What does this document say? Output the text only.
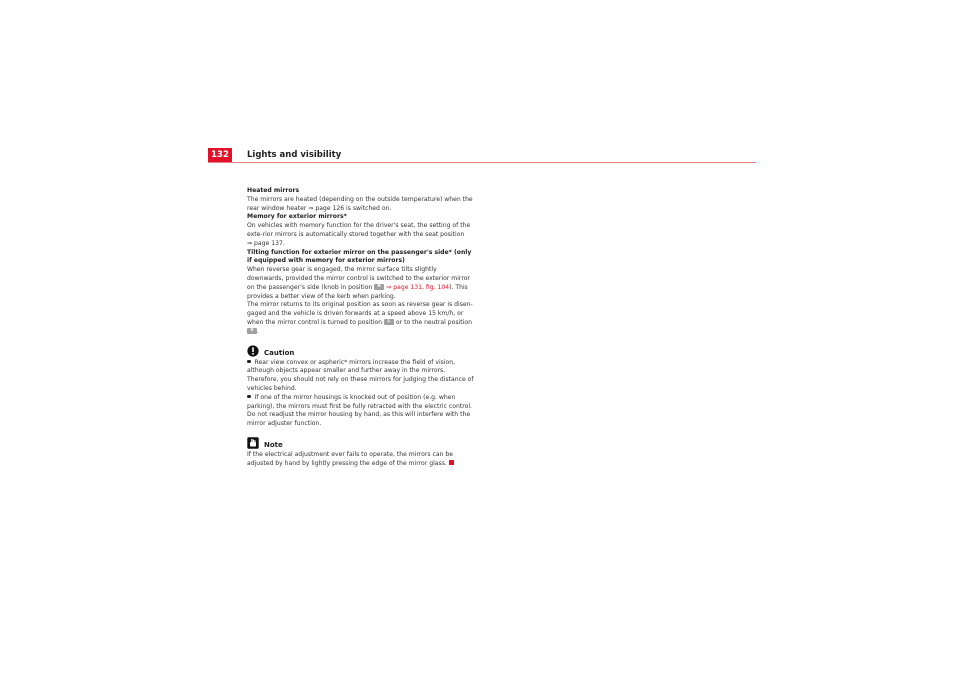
132	Lights and visibility

Heated mirrors

The mirrors are heated (depending on the outside temperature) when the rear window heater ⇒ page 126 is switched on.

Memory for exterior mirrors*

On vehicles with memory function for the driver's seat, the setting of the exte-rior mirrors is automatically stored together with the seat position
⇒ page 137.

Tilting function for exterior mirror on the passenger's side* (only if equipped with memory for exterior mirrors)

When reverse gear is engaged, the mirror surface tilts slightly downwards, provided the mirror control is switched to the exterior mirror on the passenger's side (knob in position R ⇒ page 131, fig. 104). This provides a better view of the kerb when parking.

The mirror returns to its original position as soon as reverse gear is disen-gaged and the vehicle is driven forwards at a speed above 15 km/h, or when the mirror control is turned to position L or to the neutral position 0 .

Caution

Rear view convex or aspheric* mirrors increase the field of vision, although objects appear smaller and further away in the mirrors. Therefore, you should not rely on these mirrors for judging the distance of vehicles behind.

If one of the mirror housings is knocked out of position (e.g. when parking), the mirrors must first be fully retracted with the electric control. Do not readjust the mirror housing by hand, as this will interfere with the mirror adjuster function.

Note

If the electrical adjustment ever fails to operate, the mirrors can be adjusted by hand by lightly pressing the edge of the mirror glass.
